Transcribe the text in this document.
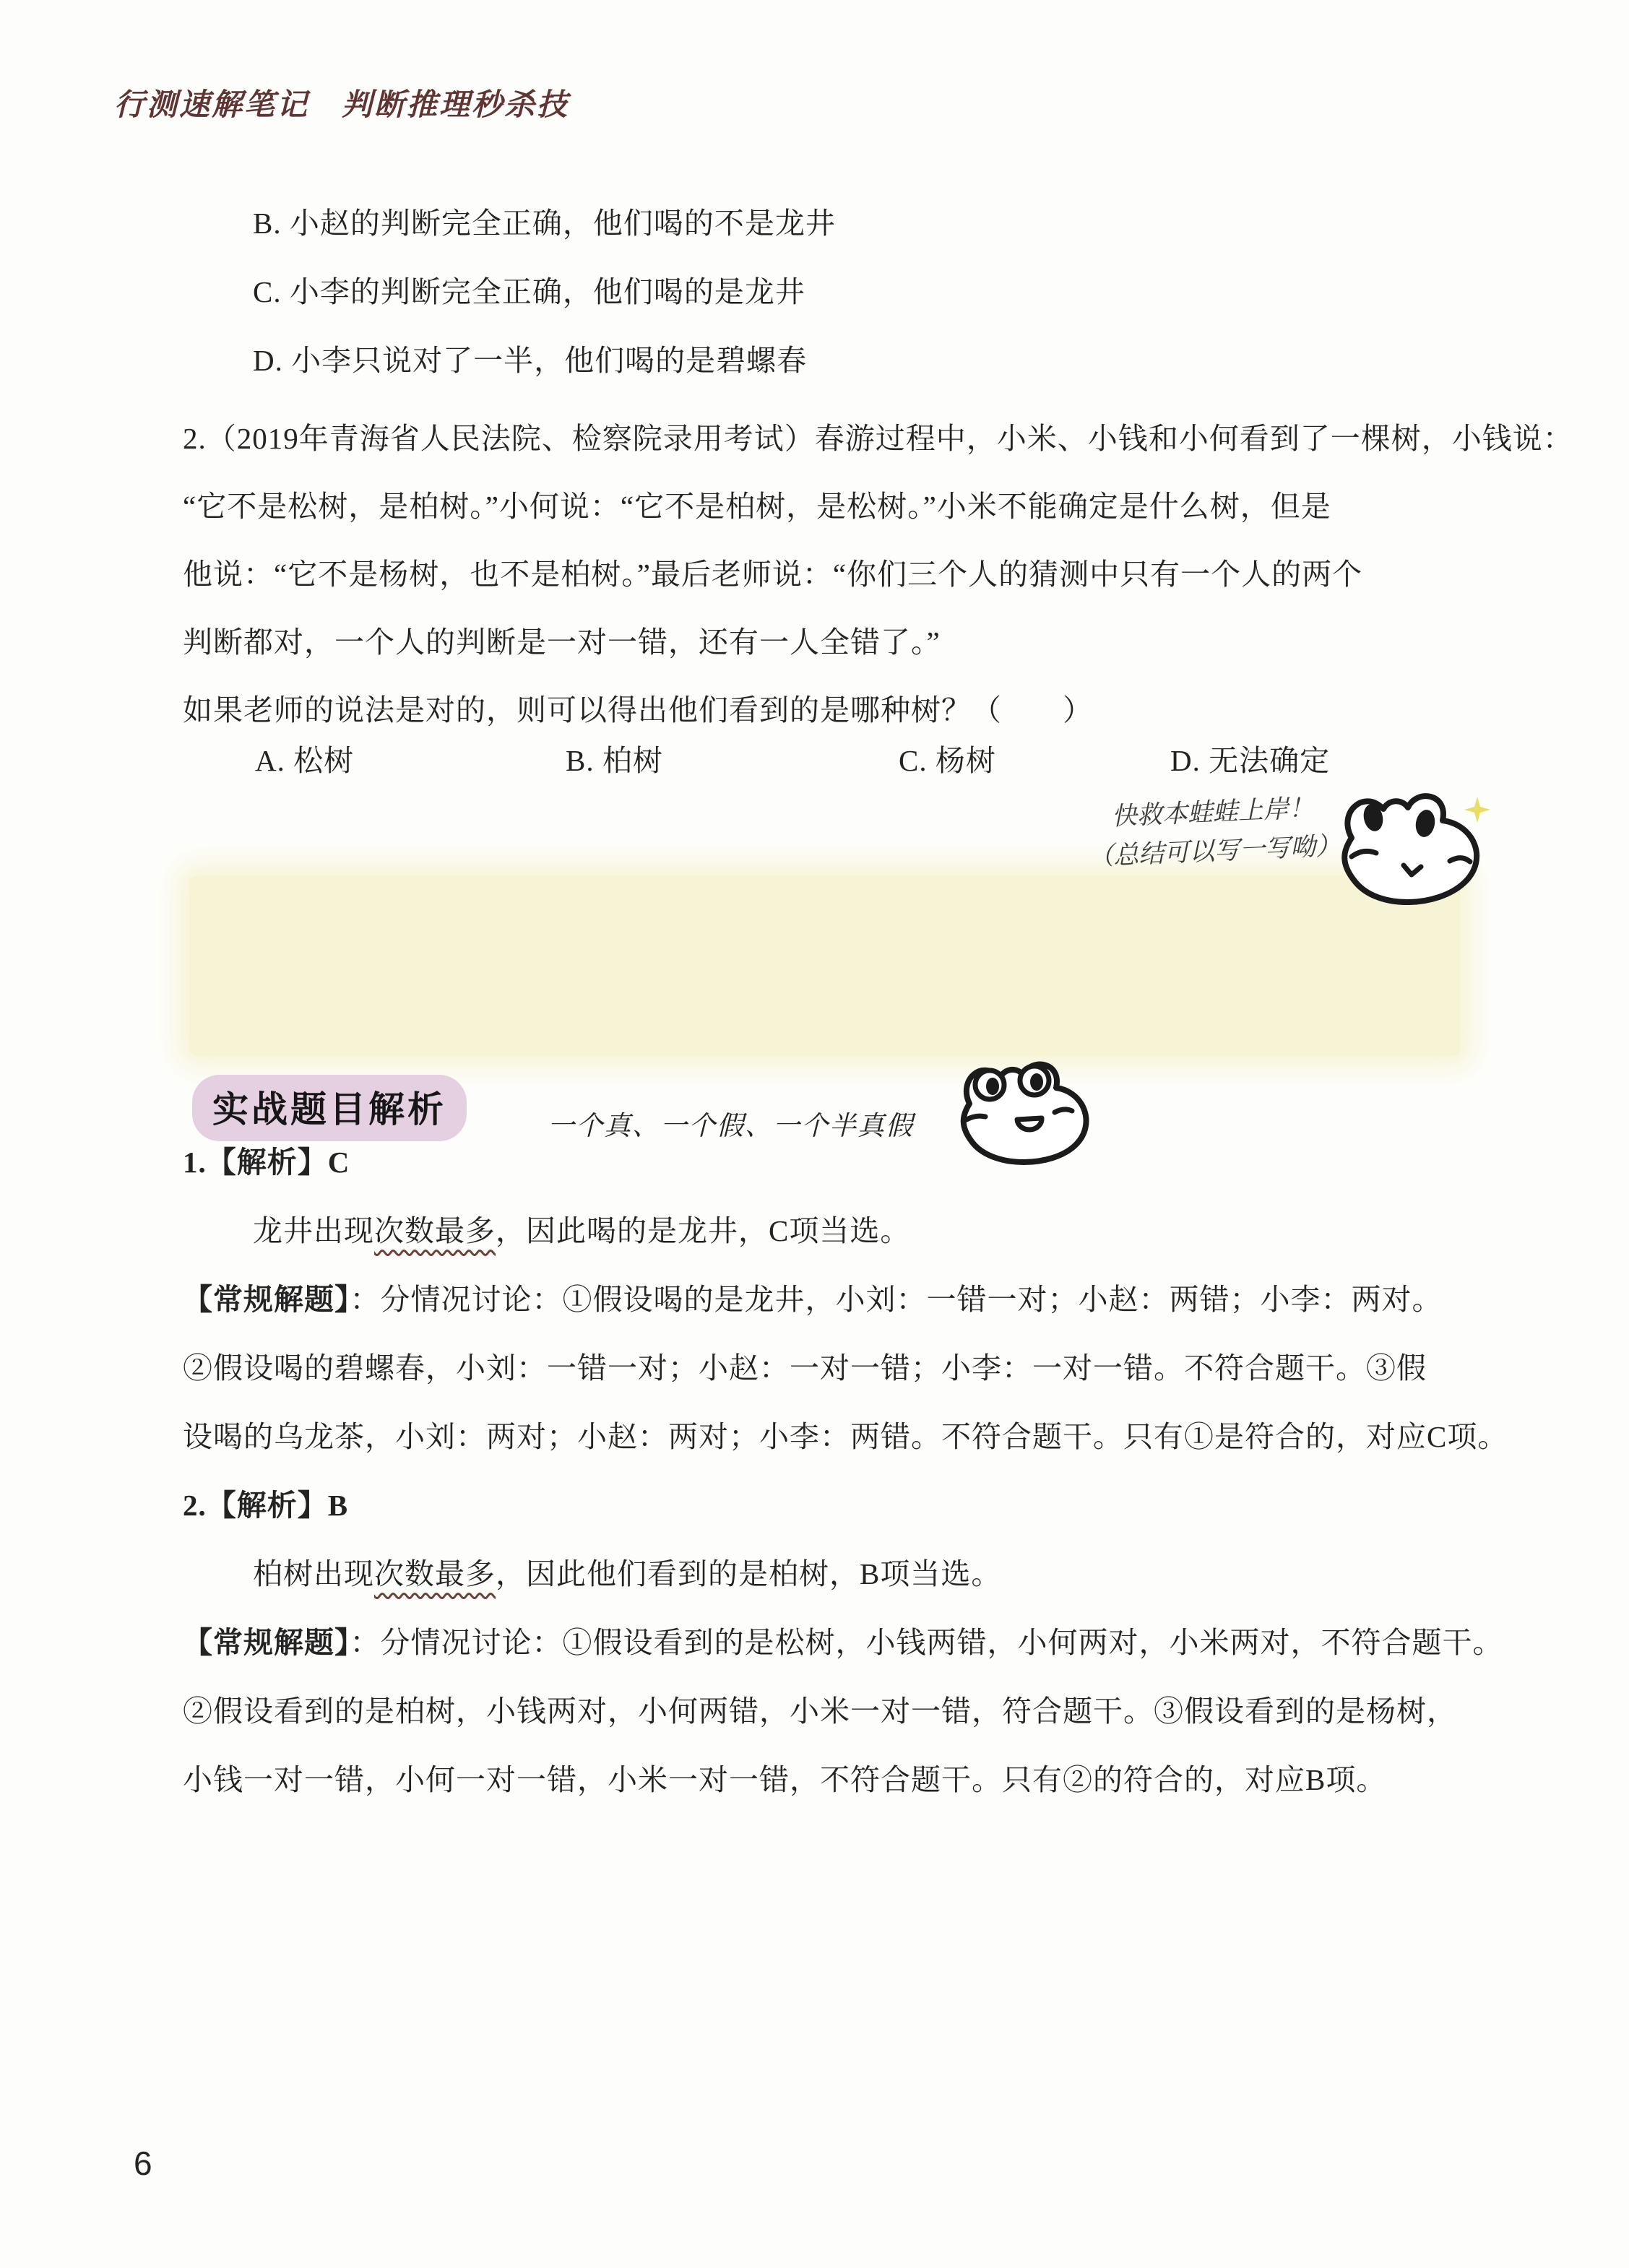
行测速解笔记　判断推理秒杀技
B. 小赵的判断完全正确，他们喝的不是龙井
C. 小李的判断完全正确，他们喝的是龙井
D. 小李只说对了一半，他们喝的是碧螺春
2.（2019年青海省人民法院、检察院录用考试）春游过程中，小米、小钱和小何看到了一棵树，小钱说：
“它不是松树，是柏树。”小何说：“它不是柏树，是松树。”小米不能确定是什么树，但是
他说：“它不是杨树，也不是柏树。”最后老师说：“你们三个人的猜测中只有一个人的两个
判断都对，一个人的判断是一对一错，还有一人全错了。”
如果老师的说法是对的，则可以得出他们看到的是哪种树？（　　）
A. 松树	B. 柏树	C. 杨树	D. 无法确定
快救本蛙蛙上岸！
（总结可以写一写呦）
实战题目解析	一个真、一个假、一个半真假
1.【解析】C
龙井出现次数最多，因此喝的是龙井，C项当选。
【常规解题】：分情况讨论：①假设喝的是龙井，小刘：一错一对；小赵：两错；小李：两对。
②假设喝的碧螺春，小刘：一错一对；小赵：一对一错；小李：一对一错。不符合题干。③假
设喝的乌龙茶，小刘：两对；小赵：两对；小李：两错。不符合题干。只有①是符合的，对应C项。
2.【解析】B
柏树出现次数最多，因此他们看到的是柏树，B项当选。
【常规解题】：分情况讨论：①假设看到的是松树，小钱两错，小何两对，小米两对，不符合题干。
②假设看到的是柏树，小钱两对，小何两错，小米一对一错，符合题干。③假设看到的是杨树，
小钱一对一错，小何一对一错，小米一对一错，不符合题干。只有②的符合的，对应B项。
6
